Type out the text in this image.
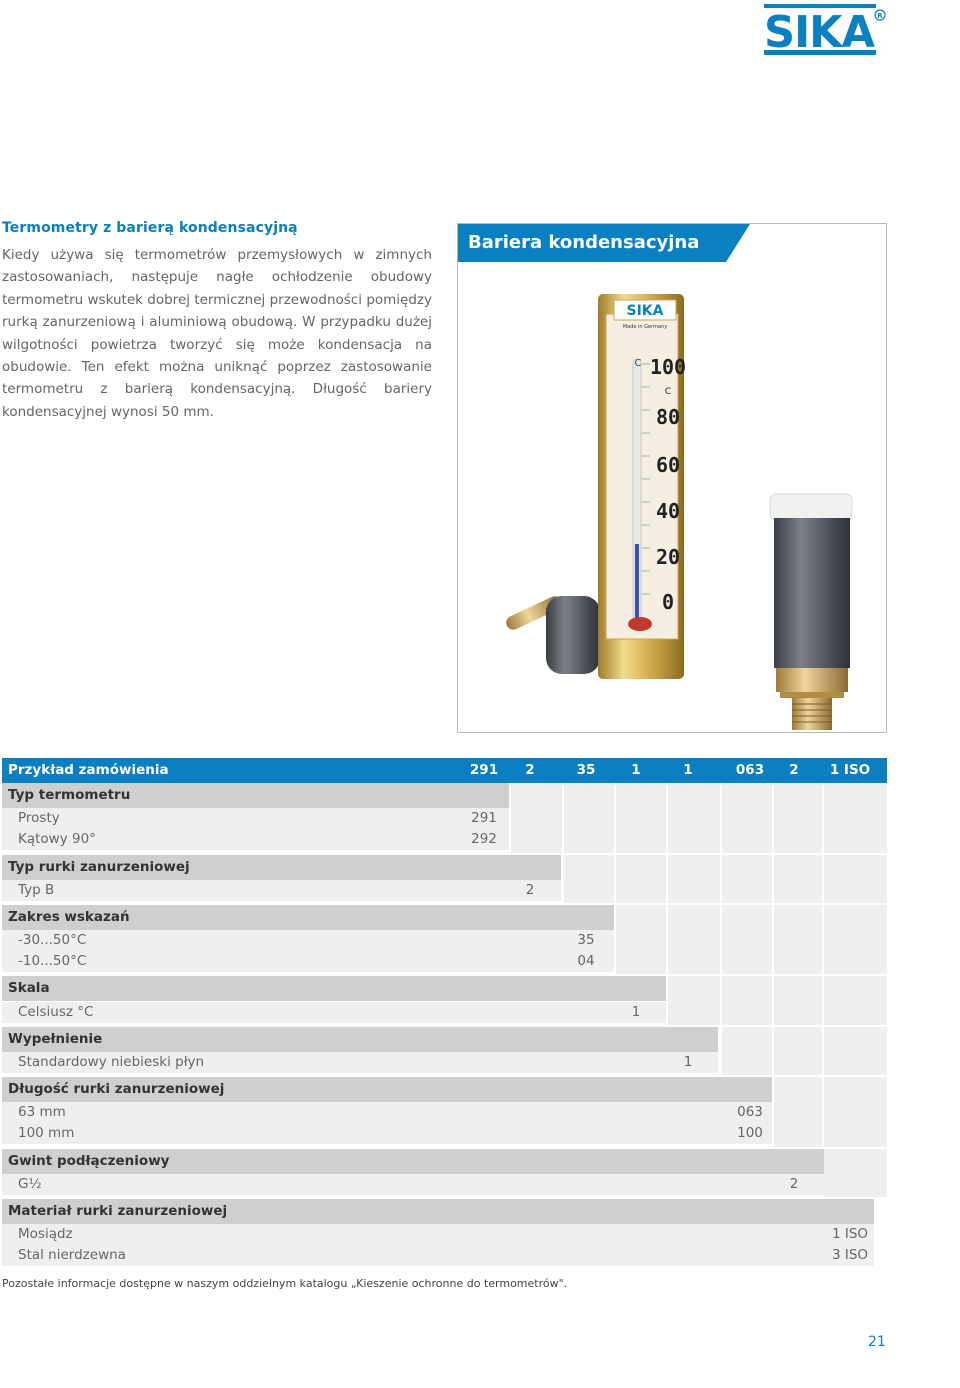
SIKA R
Termometry z barierą kondensacyjną

Kiedy używa się termometrów przemysłowych w zimnych zastosowaniach, następuje nagłe ochłodzenie obudowy termometru wskutek dobrej termicznej przewodności pomiędzy rurką zanurzeniową i aluminiową obudową. W przypadku dużej wilgotności powietrza tworzyć się może kondensacja na obudowie. Ten efekt można uniknąć poprzez zastosowanie termometru z barierą kondensacyjną. Długość bariery kondensacyjnej wynosi 50 mm.

SIKA
Made in Germany
C 100
C
80
60
40
20
0
Bariera kondensacyjna
Przykład zamówienia	291	2	35	1	1	063	2	1 ISO
Typ termometru
Prosty	291
Kątowy 90°	292
Typ rurki zanurzeniowej
Typ B	2
Zakres wskazań
-30...50°C	35
-10...50°C	04
Skala
Celsiusz °C	1
Wypełnienie
Standardowy niebieski płyn	1
Długość rurki zanurzeniowej
63 mm	063
100 mm	100
Gwint podłączeniowy
G½	2
Materiał rurki zanurzeniowej
Mosiądz	1 ISO
Stal nierdzewna	3 ISO
Pozostałe informacje dostępne w naszym oddzielnym katalogu „Kieszenie ochronne do termometrów".
21
